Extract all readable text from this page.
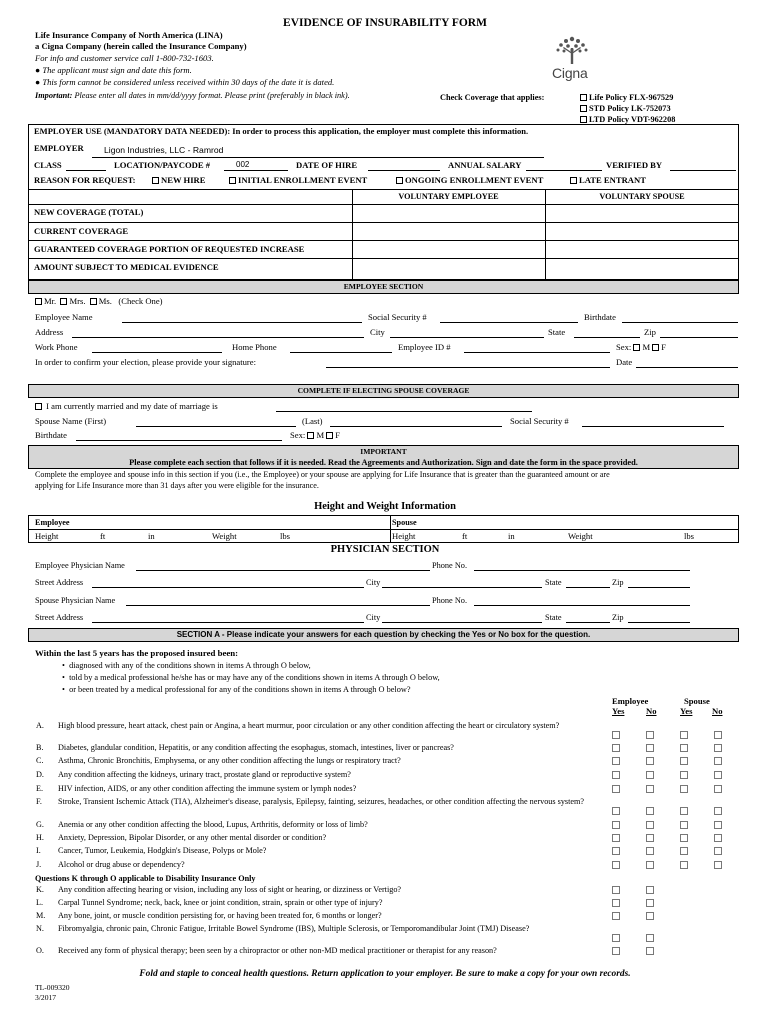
EVIDENCE OF INSURABILITY FORM
Life Insurance Company of North America (LINA)
a Cigna Company (herein called the Insurance Company)
For info and customer service call 1-800-732-1603.
● The applicant must sign and date this form.
● This form cannot be considered unless received within 30 days of the date it is dated.
Important: Please enter all dates in mm/dd/yyyy format. Please print (preferably in black ink).	Check Coverage that applies:	Life Policy FLX-967529
STD Policy LK-752073
LTD Policy VDT-962208
Cigna
EMPLOYER USE (MANDATORY DATA NEEDED): In order to process this application, the employer must complete this information.
EMPLOYER Ligon Industries, LLC - Ramrod
CLASS	LOCATION/PAYCODE #	002	DATE OF HIRE	ANNUAL SALARY	VERIFIED BY
REASON FOR REQUEST:	NEW HIRE	INITIAL ENROLLMENT EVENT	ONGOING ENROLLMENT EVENT	LATE ENTRANT
VOLUNTARY EMPLOYEE	VOLUNTARY SPOUSE
NEW COVERAGE (TOTAL)
CURRENT COVERAGE
GUARANTEED COVERAGE PORTION OF REQUESTED INCREASE
AMOUNT SUBJECT TO MEDICAL EVIDENCE
EMPLOYEE SECTION
Mr. Mrs. Ms. (Check One)
Employee Name	Social Security #	Birthdate
Address	City	State	Zip
Work Phone	Home Phone	Employee ID #	Sex: M F
In order to confirm your election, please provide your signature:	Date
COMPLETE IF ELECTING SPOUSE COVERAGE
I am currently married and my date of marriage is
Spouse Name (First)	(Last)	Social Security #
Birthdate	Sex: M F
IMPORTANT
Please complete each section that follows if it is needed. Read the Agreements and Authorization. Sign and date the form in the space provided.
Complete the employee and spouse info in this section if you (i.e., the Employee) or your spouse are applying for Life Insurance that is greater than the guaranteed amount or are
applying for Life Insurance more than 31 days after you were eligible for the insurance.
Height and Weight Information
Employee	Spouse
Height	ft	in	Weight	lbs	Height	ft	in	Weight	lbs
PHYSICIAN SECTION
Employee Physician Name	Phone No.
Street Address	City	State	Zip
Spouse Physician Name	Phone No.
Street Address	City	State	Zip
SECTION A - Please indicate your answers for each question by checking the Yes or No box for the question.
Within the last 5 years has the proposed insured been:
•  diagnosed with any of the conditions shown in items A through O below,
•  told by a medical professional he/she has or may have any of the conditions shown in items A through O below,
•  or been treated by a medical professional for any of the conditions shown in items A through O below?
Employee	Spouse
Yes	No	Yes No
A. High blood pressure, heart attack, chest pain or Angina, a heart murmur, poor circulation or any other condition affecting the heart or circulatory system?
B. Diabetes, glandular condition, Hepatitis, or any condition affecting the esophagus, stomach, intestines, liver or pancreas?
C. Asthma, Chronic Bronchitis, Emphysema, or any other condition affecting the lungs or respiratory tract?
D. Any condition affecting the kidneys, urinary tract, prostate gland or reproductive system?
E. HIV infection, AIDS, or any other condition affecting the immune system or lymph nodes?
F. Stroke, Transient Ischemic Attack (TIA), Alzheimer's disease, paralysis, Epilepsy, fainting, seizures, headaches, or other condition affecting the nervous system?
G. Anemia or any other condition affecting the blood, Lupus, Arthritis, deformity or loss of limb?
H. Anxiety, Depression, Bipolar Disorder, or any other mental disorder or condition?
I. Cancer, Tumor, Leukemia, Hodgkin's Disease, Polyps or Mole?
J. Alcohol or drug abuse or dependency?
K. Any condition affecting hearing or vision, including any loss of sight or hearing, or dizziness or Vertigo?
L. Carpal Tunnel Syndrome; neck, back, knee or joint condition, strain, sprain or other type of injury?
M. Any bone, joint, or muscle condition persisting for, or having been treated for, 6 months or longer?
N. Fibromyalgia, chronic pain, Chronic Fatigue, Irritable Bowel Syndrome (IBS), Multiple Sclerosis, or Temporomandibular Joint (TMJ) Disease?
O. Received any form of physical therapy; been seen by a chiropractor or other non-MD medical practitioner or therapist for any reason?
Questions K through O applicable to Disability Insurance Only
Fold and staple to conceal health questions. Return application to your employer. Be sure to make a copy for your own records.
TL-009320
3/2017
